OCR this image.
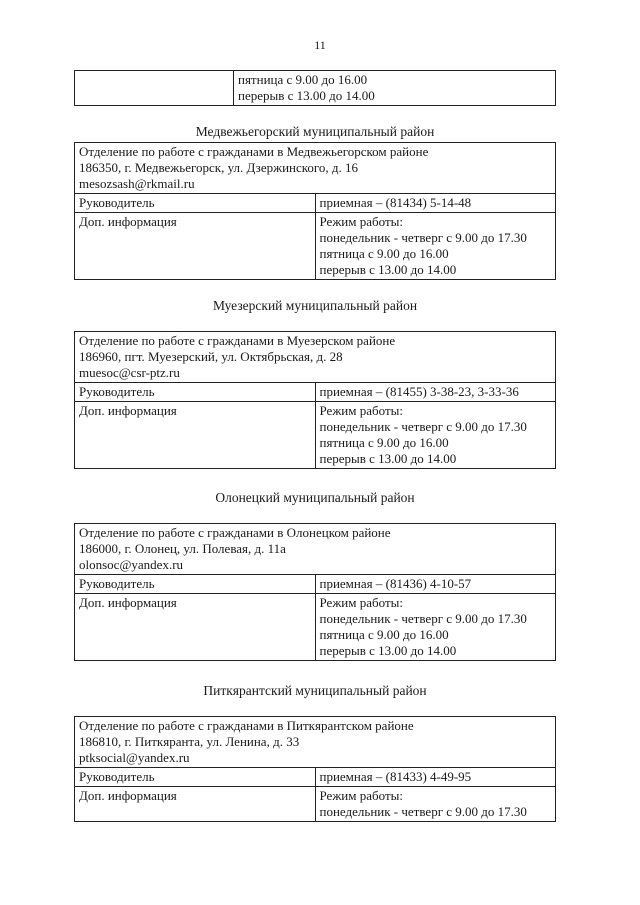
11

пятница с 9.00 до 16.00
перерыв с 13.00 до 14.00
Медвежьегорский муниципальный район
Отделение по работе с гражданами в Медвежьегорском районе
186350, г. Медвежьегорск, ул. Дзержинского, д. 16
mesozsash@rkmail.ru	

Руководитель	приемная – (81434) 5-14-48
Доп. информация	Режим работы:
понедельник - четверг с 9.00 до 17.30
пятница с 9.00 до 16.00
перерыв с 13.00 до 14.00
Муезерский муниципальный район
Отделение по работе с гражданами в Муезерском районе
186960, пгт. Муезерский, ул. Октябрьская, д. 28
muesoc@csr-ptz.ru	

Руководитель	приемная – (81455) 3-38-23, 3-33-36
Доп. информация	Режим работы:
понедельник - четверг с 9.00 до 17.30
пятница с 9.00 до 16.00
перерыв с 13.00 до 14.00
Олонецкий муниципальный район
Отделение по работе с гражданами в Олонецком районе
186000, г. Олонец, ул. Полевая, д. 11а
olonsoc@yandex.ru	

Руководитель	приемная – (81436) 4-10-57
Доп. информация	Режим работы:
понедельник - четверг с 9.00 до 17.30
пятница с 9.00 до 16.00
перерыв с 13.00 до 14.00
Питкярантский муниципальный район
Отделение по работе с гражданами в Питкярантском районе
186810, г. Питкяранта, ул. Ленина, д. 33
ptksocial@yandex.ru	

Руководитель	приемная – (81433) 4-49-95
Доп. информация	Режим работы:
понедельник - четверг с 9.00 до 17.30
